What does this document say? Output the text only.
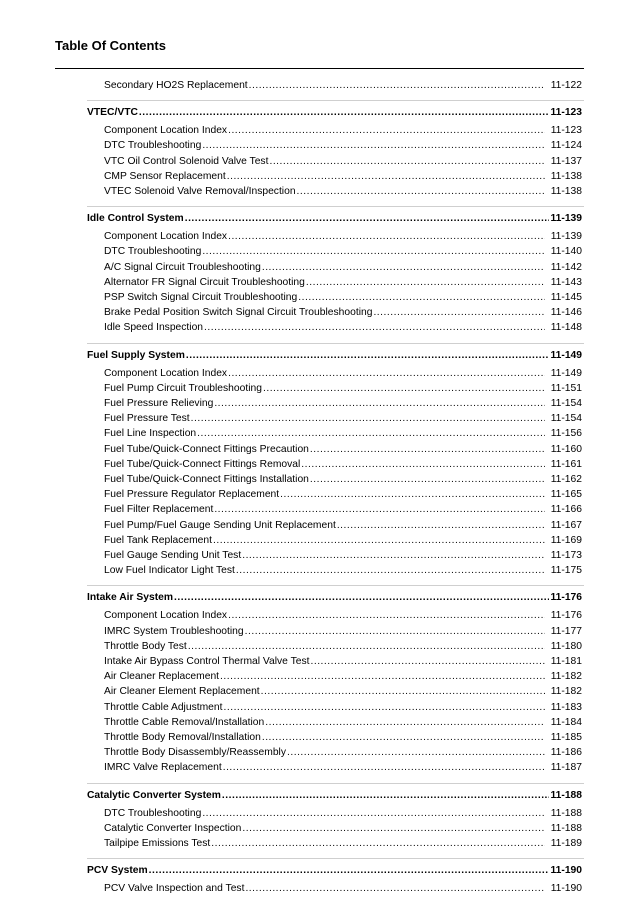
Table Of Contents
Secondary HO2S Replacement .....	11-122
VTEC/VTC .....	11-123
Component Location Index .....	11-123
DTC Troubleshooting .....	11-124
VTC Oil Control Solenoid Valve Test .....	11-137
CMP Sensor Replacement .....	11-138
VTEC Solenoid Valve Removal/Inspection .....	11-138
Idle Control System .....	11-139
Component Location Index .....	11-139
DTC Troubleshooting .....	11-140
A/C Signal Circuit Troubleshooting .....	11-142
Alternator FR Signal Circuit Troubleshooting .....	11-143
PSP Switch Signal Circuit Troubleshooting .....	11-145
Brake Pedal Position Switch Signal Circuit Troubleshooting .....	11-146
Idle Speed Inspection .....	11-148
Fuel Supply System .....	11-149
Component Location Index .....	11-149
Fuel Pump Circuit Troubleshooting .....	11-151
Fuel Pressure Relieving .....	11-154
Fuel Pressure Test .....	11-154
Fuel Line Inspection .....	11-156
Fuel Tube/Quick-Connect Fittings Precaution .....	11-160
Fuel Tube/Quick-Connect Fittings Removal .....	11-161
Fuel Tube/Quick-Connect Fittings Installation .....	11-162
Fuel Pressure Regulator Replacement .....	11-165
Fuel Filter Replacement .....	11-166
Fuel Pump/Fuel Gauge Sending Unit Replacement .....	11-167
Fuel Tank Replacement .....	11-169
Fuel Gauge Sending Unit Test .....	11-173
Low Fuel Indicator Light Test .....	11-175
Intake Air System .....	11-176
Component Location Index .....	11-176
IMRC System Troubleshooting .....	11-177
Throttle Body Test .....	11-180
Intake Air Bypass Control Thermal Valve Test .....	11-181
Air Cleaner Replacement .....	11-182
Air Cleaner Element Replacement .....	11-182
Throttle Cable Adjustment .....	11-183
Throttle Cable Removal/Installation .....	11-184
Throttle Body Removal/Installation .....	11-185
Throttle Body Disassembly/Reassembly .....	11-186
IMRC Valve Replacement .....	11-187
Catalytic Converter System .....	11-188
DTC Troubleshooting .....	11-188
Catalytic Converter Inspection .....	11-188
Tailpipe Emissions Test .....	11-189
PCV System .....	11-190
PCV Valve Inspection and Test .....	11-190
